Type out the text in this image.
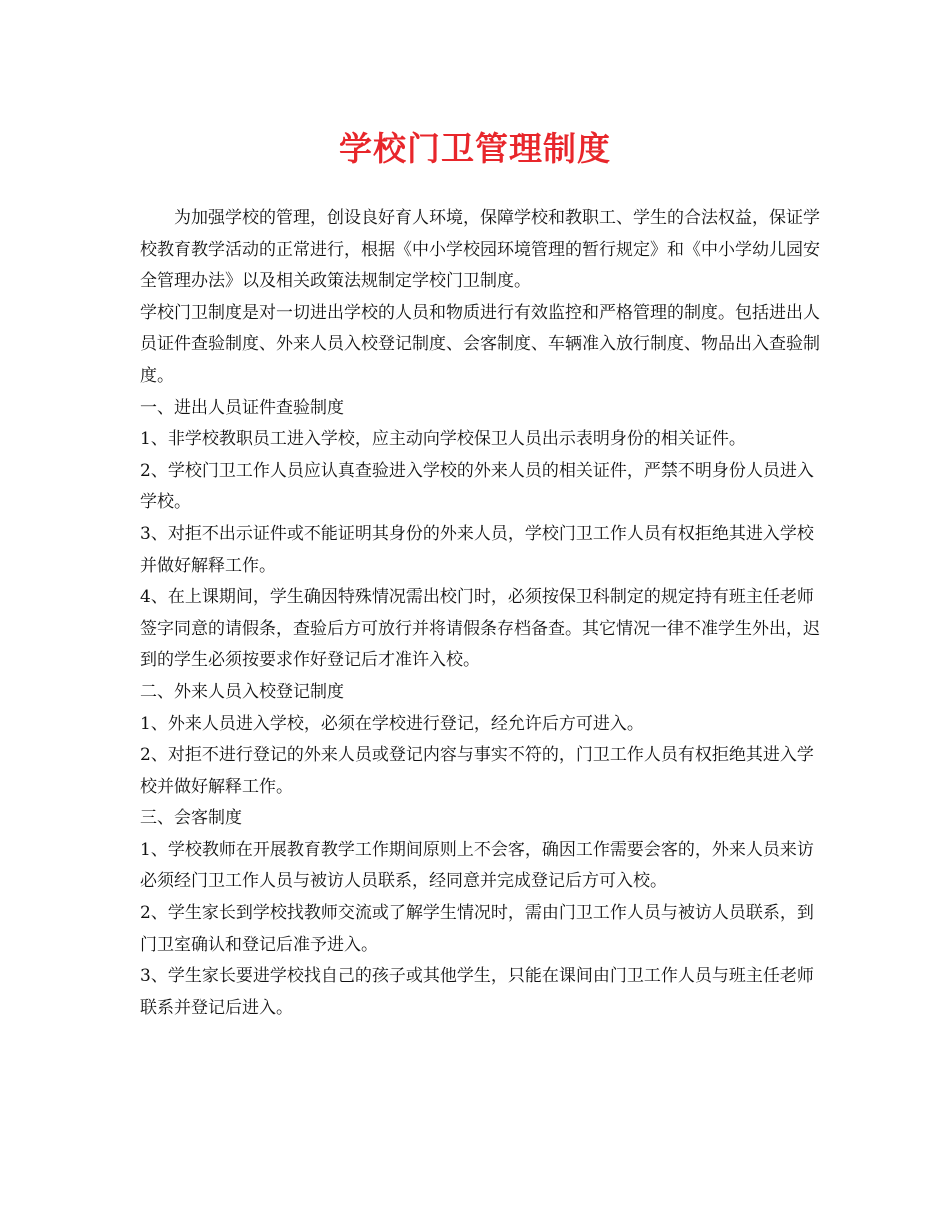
学校门卫管理制度

为加强学校的管理，创设良好育人环境，保障学校和教职工、学生的合法权益，保证学校教育教学活动的正常进行，根据《中小学校园环境管理的暂行规定》和《中小学幼儿园安全管理办法》以及相关政策法规制定学校门卫制度。

学校门卫制度是对一切进出学校的人员和物质进行有效监控和严格管理的制度。包括进出人员证件查验制度、外来人员入校登记制度、会客制度、车辆准入放行制度、物品出入查验制度。

一、进出人员证件查验制度

1、非学校教职员工进入学校，应主动向学校保卫人员出示表明身份的相关证件。

2、学校门卫工作人员应认真查验进入学校的外来人员的相关证件，严禁不明身份人员进入学校。

3、对拒不出示证件或不能证明其身份的外来人员，学校门卫工作人员有权拒绝其进入学校并做好解释工作。

4、在上课期间，学生确因特殊情况需出校门时，必须按保卫科制定的规定持有班主任老师签字同意的请假条，查验后方可放行并将请假条存档备查。其它情况一律不准学生外出，迟到的学生必须按要求作好登记后才准许入校。

二、外来人员入校登记制度

1、外来人员进入学校，必须在学校进行登记，经允许后方可进入。

2、对拒不进行登记的外来人员或登记内容与事实不符的，门卫工作人员有权拒绝其进入学校并做好解释工作。

三、会客制度

1、学校教师在开展教育教学工作期间原则上不会客，确因工作需要会客的，外来人员来访必须经门卫工作人员与被访人员联系，经同意并完成登记后方可入校。

2、学生家长到学校找教师交流或了解学生情况时，需由门卫工作人员与被访人员联系，到门卫室确认和登记后准予进入。

3、学生家长要进学校找自己的孩子或其他学生，只能在课间由门卫工作人员与班主任老师联系并登记后进入。
